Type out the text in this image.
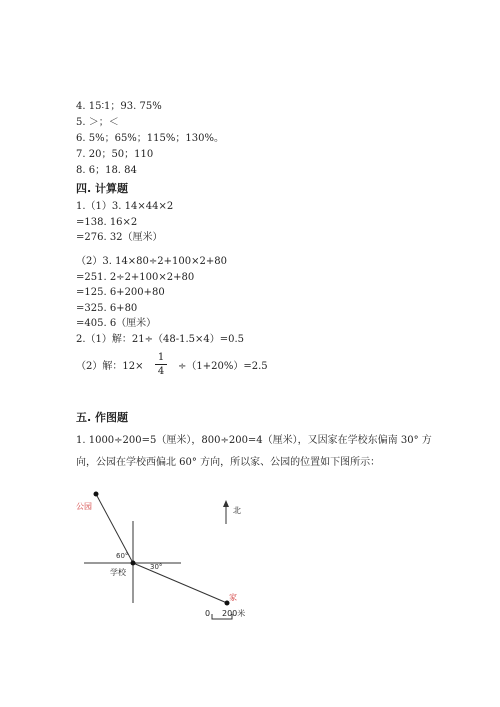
4. 15∶1；93. 75%
5. ＞；＜
6. 5%；65%；115%；130%。
7. 20；50；110
8. 6；18. 84
四. 计算题
1.（1）3. 14×44×2
=138. 16×2
=276. 32（厘米）
（2）3. 14×80÷2+100×2+80
=251. 2÷2+100×2+80
=125. 6+200+80
=325. 6+80
=405. 6（厘米）
2.（1）解：21÷（48-1.5×4）=0.5
（2）解：12×
1
4 ÷（1+20%）=2.5
五. 作图题
1. 1000÷200=5（厘米），800÷200=4（厘米），又因家在学校东偏南 30° 方
向，公园在学校西偏北 60° 方向，所以家、公园的位置如下图所示：
公园
60°
30°
学校
北
家
0 200米
